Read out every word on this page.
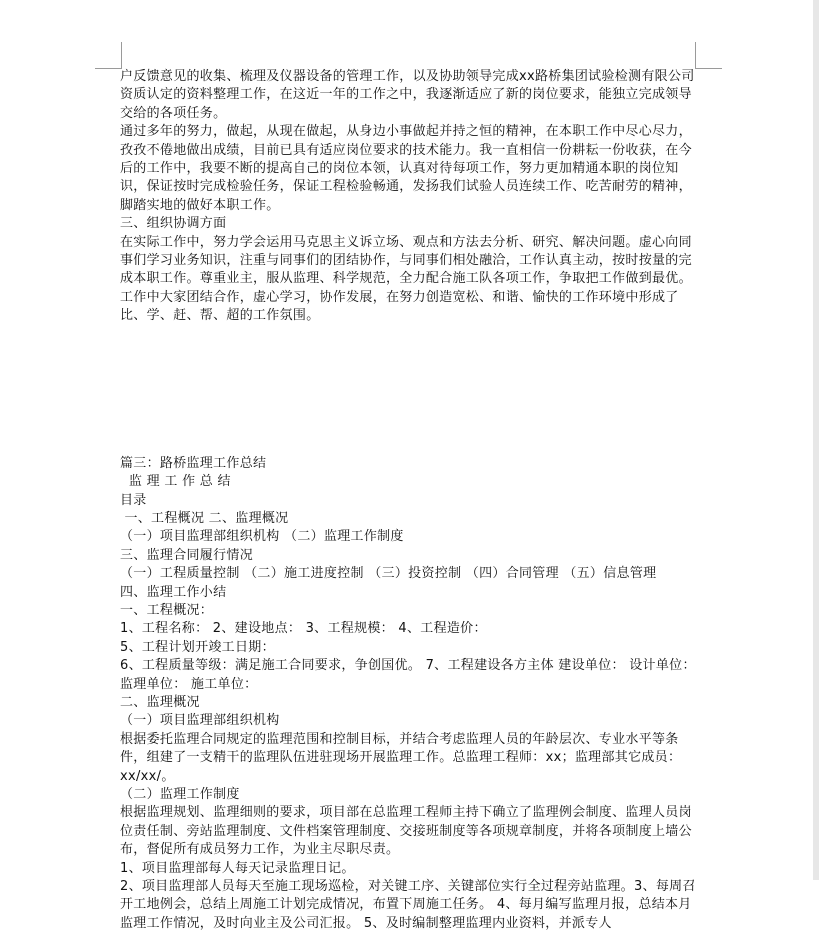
户反馈意见的收集、梳理及仪器设备的管理工作，以及协助领导完成xx路桥集团试验检测有限公司资质认定的资料整理工作，在这近一年的工作之中，我逐渐适应了新的岗位要求，能独立完成领导交给的各项任务。

通过多年的努力，做起，从现在做起，从身边小事做起并持之恒的精神，在本职工作中尽心尽力，孜孜不倦地做出成绩，目前已具有适应岗位要求的技术能力。我一直相信一份耕耘一份收获，在今后的工作中，我要不断的提高自己的岗位本领，认真对待每项工作，努力更加精通本职的岗位知识，保证按时完成检验任务，保证工程检验畅通，发扬我们试验人员连续工作、吃苦耐劳的精神，脚踏实地的做好本职工作。

三、组织协调方面

在实际工作中，努力学会运用马克思主义诉立场、观点和方法去分析、研究、解决问题。虚心向同事们学习业务知识，注重与同事们的团结协作，与同事们相处融洽，工作认真主动，按时按量的完成本职工作。尊重业主，服从监理、科学规范，全力配合施工队各项工作，争取把工作做到最优。工作中大家团结合作，虚心学习，协作发展，在努力创造宽松、和谐、愉快的工作环境中形成了比、学、赶、帮、超的工作氛围。

篇三：路桥监理工作总结

监 理 工 作 总 结

目录

一、工程概况 二、监理概况

（一）项目监理部组织机构 （二）监理工作制度

三、监理合同履行情况

（一）工程质量控制 （二）施工进度控制 （三）投资控制 （四）合同管理 （五）信息管理

四、监理工作小结

一、工程概况：

1、工程名称： 2、建设地点： 3、工程规模： 4、工程造价：

5、工程计划开竣工日期：

6、工程质量等级：满足施工合同要求，争创国优。 7、工程建设各方主体 建设单位： 设计单位： 监理单位： 施工单位：

二、监理概况

（一）项目监理部组织机构

根据委托监理合同规定的监理范围和控制目标，并结合考虑监理人员的年龄层次、专业水平等条件，组建了一支精干的监理队伍进驻现场开展监理工作。总监理工程师：xx；监理部其它成员：xx/xx/。

（二）监理工作制度

根据监理规划、监理细则的要求，项目部在总监理工程师主持下确立了监理例会制度、监理人员岗位责任制、旁站监理制度、文件档案管理制度、交接班制度等各项规章制度，并将各项制度上墙公布，督促所有成员努力工作，为业主尽职尽责。

1、项目监理部每人每天记录监理日记。

2、项目监理部人员每天至施工现场巡检，对关键工序、关键部位实行全过程旁站监理。3、每周召开工地例会，总结上周施工计划完成情况，布置下周施工任务。 4、每月编写监理月报，总结本月监理工作情况，及时向业主及公司汇报。 5、及时编制整理监理内业资料，并派专人
